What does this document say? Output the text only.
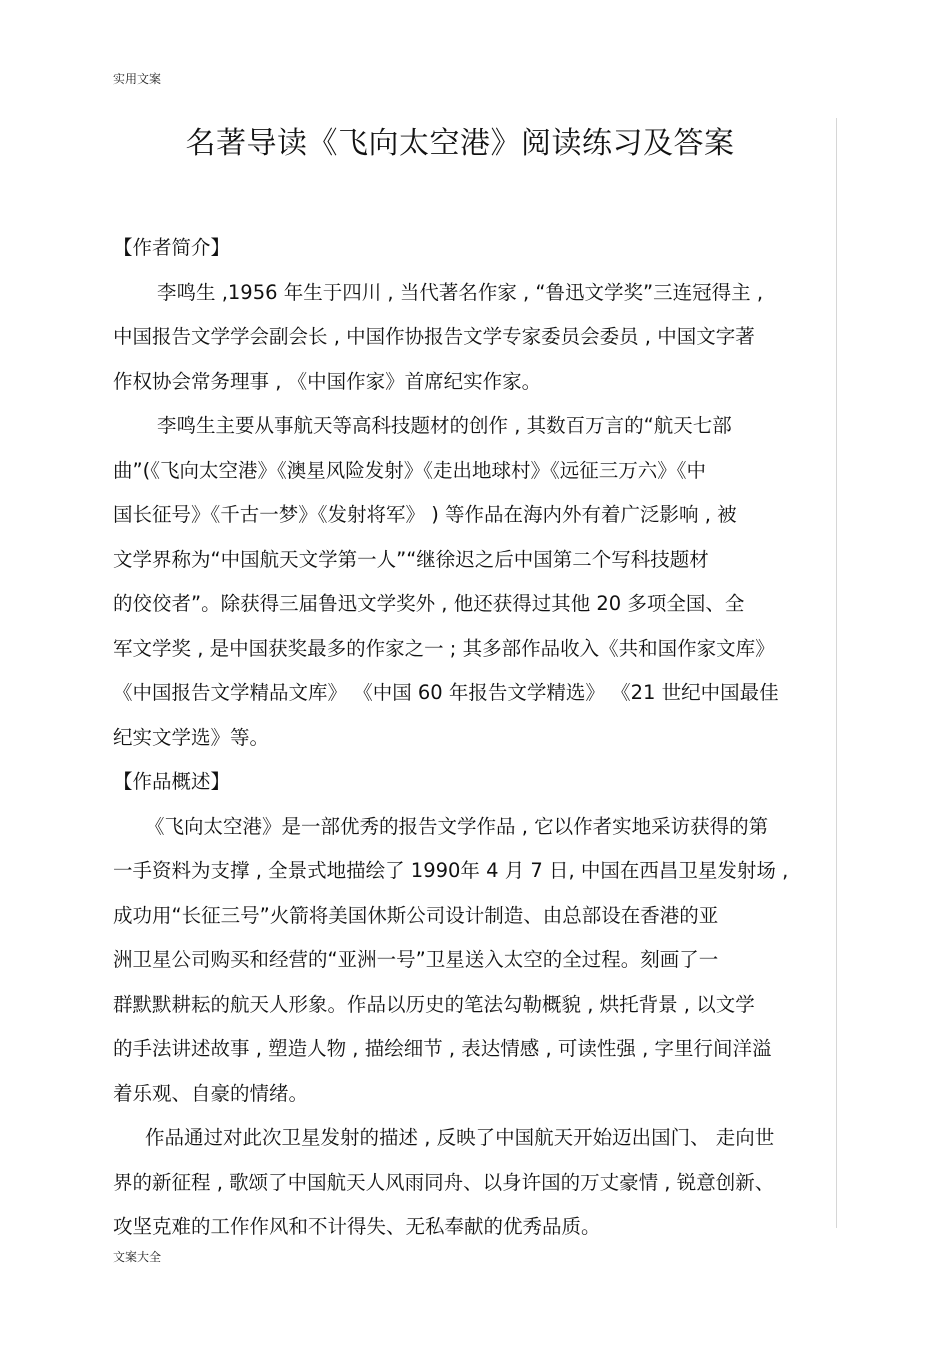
实用文案
名著导读《飞向太空港》阅读练习及答案
【作者简介】
李鸣生 ,1956 年生于四川 , 当代著名作家 , “鲁迅文学奖”三连冠得主 ,
中国报告文学学会副会长 , 中国作协报告文学专家委员会委员 , 中国文字著
作权协会常务理事 , 《中国作家》首席纪实作家。
李鸣生主要从事航天等高科技题材的创作 , 其数百万言的“航天七部
曲”(《飞向太空港》《澳星风险发射》《走出地球村》《远征三万六》《中
国长征号》《千古一梦》《发射将军》 ) 等作品在海内外有着广泛影响 , 被
文学界称为“中国航天文学第一人”“继徐迟之后中国第二个写科技题材
的佼佼者”。除获得三届鲁迅文学奖外 , 他还获得过其他 20 多项全国、全
军文学奖 , 是中国获奖最多的作家之一 ; 其多部作品收入《共和国作家文库》
《中国报告文学精品文库》 《中国 60 年报告文学精选》 《21 世纪中国最佳
纪实文学选》等。
【作品概述】
《飞向太空港》是一部优秀的报告文学作品 , 它以作者实地采访获得的第
一手资料为支撑 , 全景式地描绘了 1990年 4 月 7 日, 中国在西昌卫星发射场 ,
成功用“长征三号”火箭将美国休斯公司设计制造、由总部设在香港的亚
洲卫星公司购买和经营的“亚洲一号”卫星送入太空的全过程。刻画了一
群默默耕耘的航天人形象。作品以历史的笔法勾勒概貌 , 烘托背景 , 以文学
的手法讲述故事 , 塑造人物 , 描绘细节 , 表达情感 , 可读性强 , 字里行间洋溢
着乐观、自豪的情绪。
作品通过对此次卫星发射的描述 , 反映了中国航天开始迈出国门、 走向世
界的新征程 , 歌颂了中国航天人风雨同舟、以身许国的万丈豪情 , 锐意创新、
攻坚克难的工作作风和不计得失、无私奉献的优秀品质。
文案大全
